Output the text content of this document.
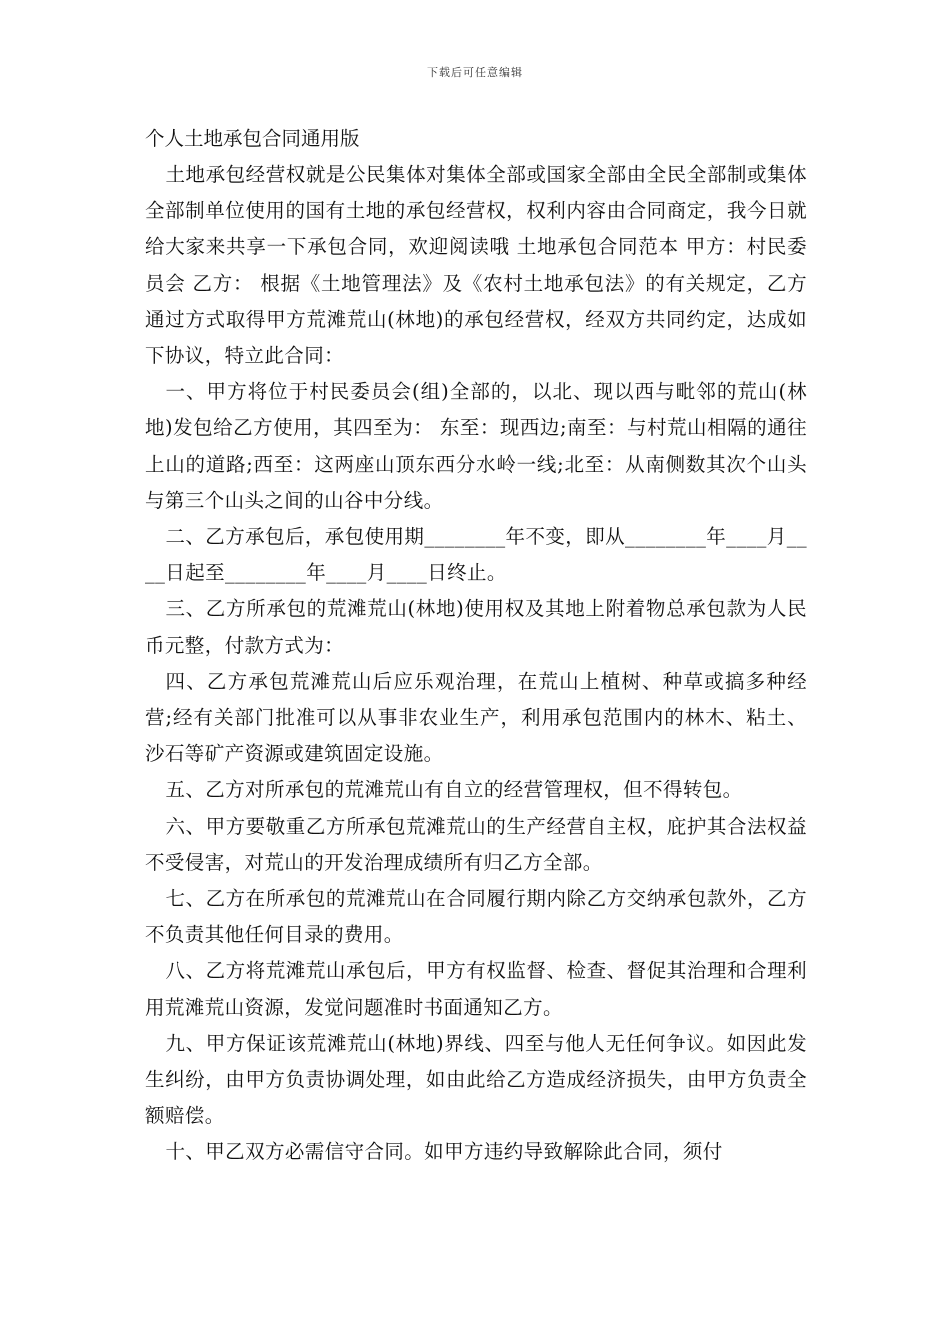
下载后可任意编辑
个人土地承包合同通用版

土地承包经营权就是公民集体对集体全部或国家全部由全民全部制或集体全部制单位使用的国有土地的承包经营权，权利内容由合同商定，我今日就给大家来共享一下承包合同，欢迎阅读哦 土地承包合同范本 甲方：村民委员会 乙方： 根据《土地管理法》及《农村土地承包法》的有关规定，乙方通过方式取得甲方荒滩荒山(林地)的承包经营权，经双方共同约定，达成如下协议，特立此合同：

一、甲方将位于村民委员会(组)全部的，以北、现以西与毗邻的荒山(林地)发包给乙方使用，其四至为： 东至：现西边;南至：与村荒山相隔的通往上山的道路;西至：这两座山顶东西分水岭一线;北至：从南侧数其次个山头与第三个山头之间的山谷中分线。

二、乙方承包后，承包使用期________年不变，即从________年____月____日起至________年____月____日终止。

三、乙方所承包的荒滩荒山(林地)使用权及其地上附着物总承包款为人民币元整，付款方式为：

四、乙方承包荒滩荒山后应乐观治理，在荒山上植树、种草或搞多种经营;经有关部门批准可以从事非农业生产，利用承包范围内的林木、粘土、沙石等矿产资源或建筑固定设施。

五、乙方对所承包的荒滩荒山有自立的经营管理权，但不得转包。

六、甲方要敬重乙方所承包荒滩荒山的生产经营自主权，庇护其合法权益不受侵害，对荒山的开发治理成绩所有归乙方全部。

七、乙方在所承包的荒滩荒山在合同履行期内除乙方交纳承包款外，乙方不负责其他任何目录的费用。

八、乙方将荒滩荒山承包后，甲方有权监督、检查、督促其治理和合理利用荒滩荒山资源，发觉问题准时书面通知乙方。

九、甲方保证该荒滩荒山(林地)界线、四至与他人无任何争议。如因此发生纠纷，由甲方负责协调处理，如由此给乙方造成经济损失，由甲方负责全额赔偿。

十、甲乙双方必需信守合同。如甲方违约导致解除此合同，须付
